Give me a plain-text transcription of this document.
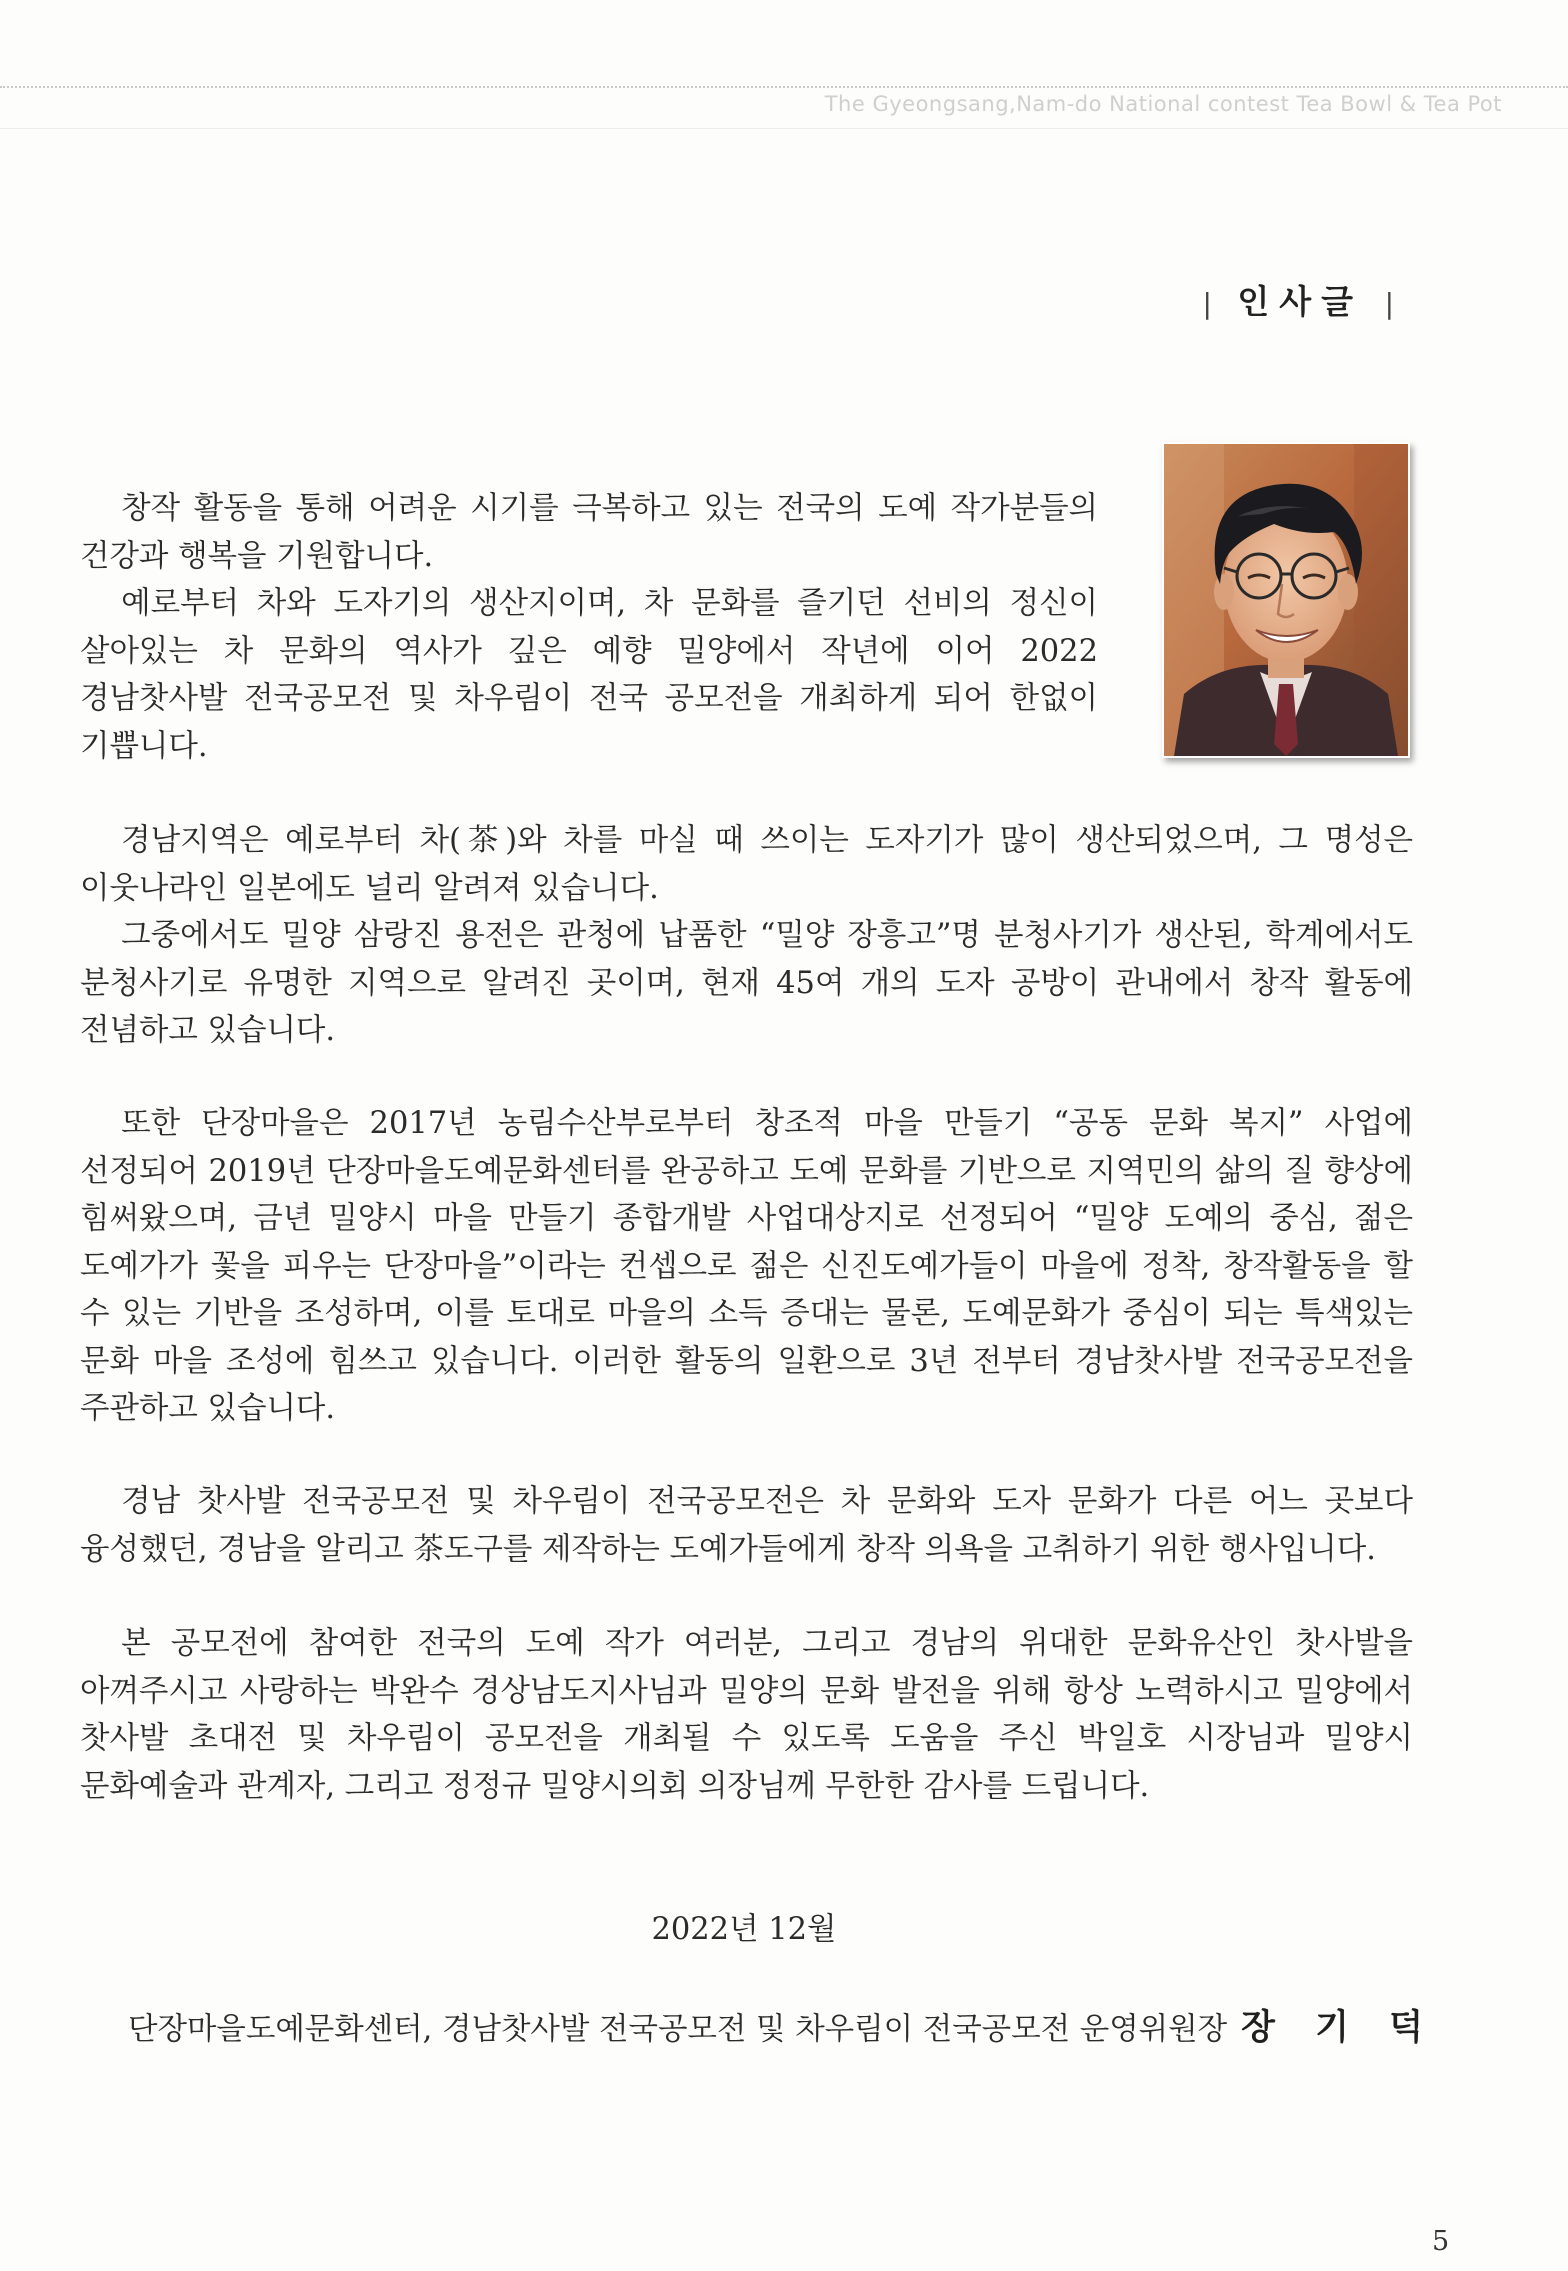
The Gyeongsang,Nam-do National contest Tea Bowl & Tea Pot
| 인사글 |

창작 활동을 통해 어려운 시기를 극복하고 있는 전국의 도예 작가분들의 건강과 행복을 기원합니다.

예로부터 차와 도자기의 생산지이며, 차 문화를 즐기던 선비의 정신이 살아있는 차 문화의 역사가 깊은 예향 밀양에서 작년에 이어 2022 경남찻사발 전국공모전 및 차우림이 전국 공모전을 개최하게 되어 한없이 기쁩니다.

경남지역은 예로부터 차(茶)와 차를 마실 때 쓰이는 도자기가 많이 생산되었으며, 그 명성은 이웃나라인 일본에도 널리 알려져 있습니다.

그중에서도 밀양 삼랑진 용전은 관청에 납품한 “밀양 장흥고”명 분청사기가 생산된, 학계에서도 분청사기로 유명한 지역으로 알려진 곳이며, 현재 45여 개의 도자 공방이 관내에서 창작 활동에 전념하고 있습니다.

또한 단장마을은 2017년 농림수산부로부터 창조적 마을 만들기 “공동 문화 복지” 사업에 선정되어 2019년 단장마을도예문화센터를 완공하고 도예 문화를 기반으로 지역민의 삶의 질 향상에 힘써왔으며, 금년 밀양시 마을 만들기 종합개발 사업대상지로 선정되어 “밀양 도예의 중심, 젊은 도예가가 꽃을 피우는 단장마을”이라는 컨셉으로 젊은 신진도예가들이 마을에 정착, 창작활동을 할 수 있는 기반을 조성하며, 이를 토대로 마을의 소득 증대는 물론, 도예문화가 중심이 되는 특색있는 문화 마을 조성에 힘쓰고 있습니다. 이러한 활동의 일환으로 3년 전부터 경남찻사발 전국공모전을 주관하고 있습니다.

경남 찻사발 전국공모전 및 차우림이 전국공모전은 차 문화와 도자 문화가 다른 어느 곳보다 융성했던, 경남을 알리고 茶도구를 제작하는 도예가들에게 창작 의욕을 고취하기 위한 행사입니다.

본 공모전에 참여한 전국의 도예 작가 여러분, 그리고 경남의 위대한 문화유산인 찻사발을 아껴주시고 사랑하는 박완수 경상남도지사님과 밀양의 문화 발전을 위해 항상 노력하시고 밀양에서 찻사발 초대전 및 차우림이 공모전을 개최될 수 있도록 도움을 주신 박일호 시장님과 밀양시 문화예술과 관계자, 그리고 정정규 밀양시의회 의장님께 무한한 감사를 드립니다.

2022년 12월

단장마을도예문화센터, 경남찻사발 전국공모전 및 차우림이 전국공모전 운영위원장 장 기 덕

5
